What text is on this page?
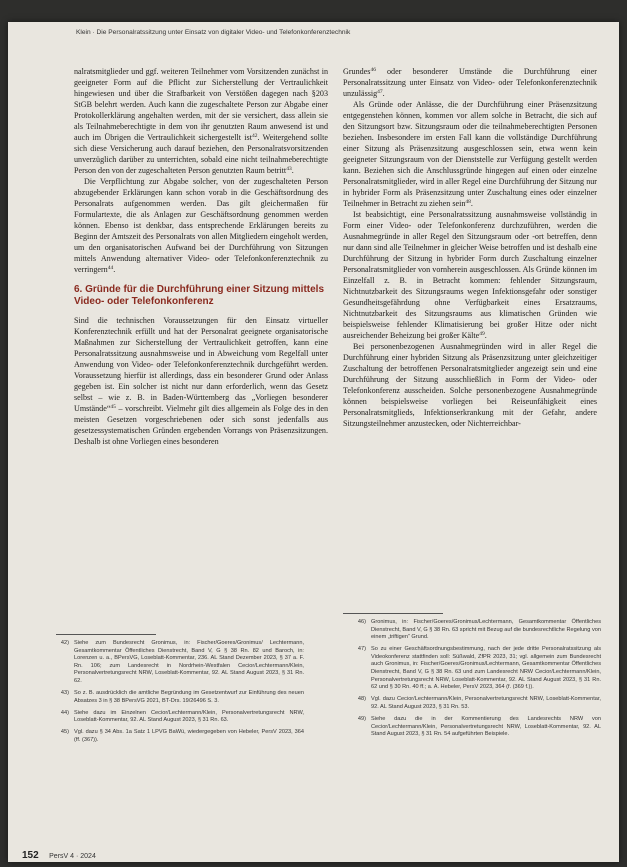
Klein · Die Personalratssitzung unter Einsatz von digitaler Video- und Telefonkonferenztechnik

nalratsmitglieder und ggf. weiteren Teilnehmer vom Vorsitzenden zunächst in geeigneter Form auf die Pflicht zur Sicherstellung der Vertraulichkeit hingewiesen und über die Strafbarkeit von Verstößen dagegen nach §203 StGB belehrt werden. Auch kann die zugeschaltete Person zur Abgabe einer Protokollerklärung angehalten werden, mit der sie versichert, dass allein sie als Teilnahmeberechtigte in dem von ihr genutzten Raum anwesend ist und auch im Übrigen die Vertraulichkeit sichergestellt ist$^{42}$. Weitergehend sollte sich diese Versicherung auch darauf beziehen, den Personalratsvorsitzenden unverzüglich darüber zu unterrichten, sobald eine nicht teilnahmeberechtigte Person den von der zugeschalteten Person genutzten Raum betritt$^{43}$.

Die Verpflichtung zur Abgabe solcher, von der zugeschalteten Person abzugebender Erklärungen kann schon vorab in die Geschäftsordnung des Personalrats aufgenommen werden. Das gilt gleichermaßen für Formulartexte, die als Anlagen zur Geschäftsordnung genommen werden können. Ebenso ist denkbar, dass entsprechende Erklärungen bereits zu Beginn der Amtszeit des Personalrats von allen Mitgliedern eingeholt werden, um den organisatorischen Aufwand bei der Durchführung von Sitzungen mittels Anwendung alternativer Video- oder Telefonkonferenztechnik zu verringern$^{44}$.

6. Gründe für die Durchführung einer Sitzung mittels Video- oder Telefonkonferenz

Sind die technischen Voraussetzungen für den Einsatz virtueller Konferenztechnik erfüllt und hat der Personalrat geeignete organisatorische Maßnahmen zur Sicherstellung der Vertraulichkeit getroffen, kann eine Personalratssitzung ausnahmsweise und in Abweichung vom Regelfall unter Anwendung von Video- oder Telefonkonferenztechnik durchgeführt werden. Voraussetzung hierfür ist allerdings, dass ein besonderer Grund oder Anlass gegeben ist. Ein solcher ist nicht nur dann erforderlich, wenn das Gesetz selbst – wie z. B. in Baden-Württemberg das „Vorliegen besonderer Umstände“$^{45}$ – vorschreibt. Vielmehr gilt dies allgemein als Folge des in den meisten Gesetzen vorgeschriebenen oder sich sonst jedenfalls aus gesetzessystematischen Gründen ergebenden Vorrangs von Präsenzsitzungen. Deshalb ist ohne Vorliegen eines besonderen

Grundes$^{46}$ oder besonderer Umstände die Durchführung einer Personalratssitzung unter Einsatz von Video- oder Telefonkonferenztechnik unzulässig$^{47}$.

Als Gründe oder Anlässe, die der Durchführung einer Präsenzsitzung entgegenstehen können, kommen vor allem solche in Betracht, die sich auf den Sitzungsort bzw. Sitzungsraum oder die teilnahmeberechtigten Personen beziehen. Insbesondere im ersten Fall kann die vollständige Durchführung einer Sitzung als Präsenzsitzung ausgeschlossen sein, etwa wenn kein geeigneter Sitzungsraum von der Dienststelle zur Verfügung gestellt werden kann. Beziehen sich die Anschlussgründe hingegen auf einen oder einzelne Personalratsmitglieder, wird in aller Regel eine Durchführung der Sitzung nur in hybrider Form als Präsenzsitzung unter Zuschaltung eines oder einzelner Teilnehmer in Betracht zu ziehen sein$^{48}$.

Ist beabsichtigt, eine Personalratssitzung ausnahmsweise vollständig in Form einer Video- oder Telefonkonferenz durchzuführen, werden die Ausnahmegründe in aller Regel den Sitzungsraum oder -ort betreffen, denn nur dann sind alle Teilnehmer in gleicher Weise betroffen und ist deshalb eine Durchführung der Sitzung in hybrider Form durch Zuschaltung einzelner Personalratsmitglieder von vornherein ausgeschlossen. Als Gründe können im Einzelfall z. B. in Betracht kommen: fehlender Sitzungsraum, Nichtnutzbarkeit des Sitzungsraums wegen Infektionsgefahr oder sonstiger Gesundheitsgefährdung ohne Verfügbarkeit eines Ersatzraums, Nichtnutzbarkeit des Sitzungsraums aus klimatischen Gründen wie beispielsweise fehlender Klimatisierung bei großer Hitze oder nicht ausreichender Beheizung bei großer Kälte$^{49}$.

Bei personenbezogenen Ausnahmegründen wird in aller Regel die Durchführung einer hybriden Sitzung als Präsenzsitzung unter gleichzeitiger Zuschaltung der betroffenen Personalratsmitglieder angezeigt sein und eine Durchführung der Sitzung ausschließlich in Form der Video- oder Telefonkonferenz ausscheiden. Solche personenbezogene Ausnahmegründe können beispielsweise vorliegen bei Reiseunfähigkeit eines Personalratsmitglieds, Infektionserkrankung mit der Gefahr, andere Sitzungsteilnehmer anzustecken, oder Nichterreichbar-

42) Siehe zum Bundesrecht Gronimus, in: Fischer/Goeres/Gronimus/ Lechtermann, Gesamtkommentar Öffentliches Dienstrecht, Band V, G § 38 Rn. 82 und Baroch, in: Lorenzen u. a., BPersVG, Loseblatt-Kommentar, 236. AL Stand Dezember 2023, § 37 a. F. Rn. 106; zum Landesrecht in Nordrhein-Westfalen Cecior/Lechtermann/Klein, Personalvertretungsrecht NRW, Loseblatt-Kommentar, 92. AL Stand August 2023, § 31 Rn. 62.
43) So z. B. ausdrücklich die amtliche Begründung im Gesetzentwurf zur Einführung des neuen Absatzes 3 in § 38 BPersVG 2021, BT-Drs. 19/26496 S. 3.
44) Siehe dazu im Einzelnen Cecior/Lechtermann/Klein, Personalvertretungsrecht NRW, Loseblatt-Kommentar, 92. AL Stand August 2023, § 31 Rn. 63.
45) Vgl. dazu § 34 Abs. 1a Satz 1 LPVG BaWü, wiedergegeben von Hebeler, PersV 2023, 364 (ff. (367)).
46) Gronimus, in: Fischer/Goeres/Gronimus/Lechtermann, Gesamtkommentar Öffentliches Dienstrecht, Band V, G § 38 Rn. 63 spricht mit Bezug auf die bundesrechtliche Regelung von einem „triftigen“ Grund.
47) So zu einer Geschäftsordnungsbestimmung, nach der jede dritte Personalratssitzung als Videokonferenz stattfinden soll: Süßwald, ZfPR 2023, 31; vgl. allgemein zum Bundesrecht auch Gronimus, in: Fischer/Goeres/Gronimus/Lechtermann, Gesamtkommentar Öffentliches Dienstrecht, Band V, G § 38 Rn. 63 und zum Landesrecht NRW Cecior/Lechtermann/Klein, Personalvertretungsrecht NRW, Loseblatt-Kommentar, 92. AL Stand August 2023, § 31 Rn. 62 und § 30 Rn. 40 ff.; a. A. Hebeler, PersV 2023, 364 (f. (369 f.)).
48) Vgl. dazu Cecior/Lechtermann/Klein, Personalvertretungsrecht NRW, Loseblatt-Kommentar, 92. AL Stand August 2023, § 31 Rn. 53.
49) Siehe dazu die in der Kommentierung des Landesrechts NRW von Cecior/Lechtermann/Klein, Personalvertretungsrecht NRW, Loseblatt-Kommentar, 92. AL Stand August 2023, § 31 Rn. 54 aufgeführten Beispiele.
152 PersV 4 · 2024
